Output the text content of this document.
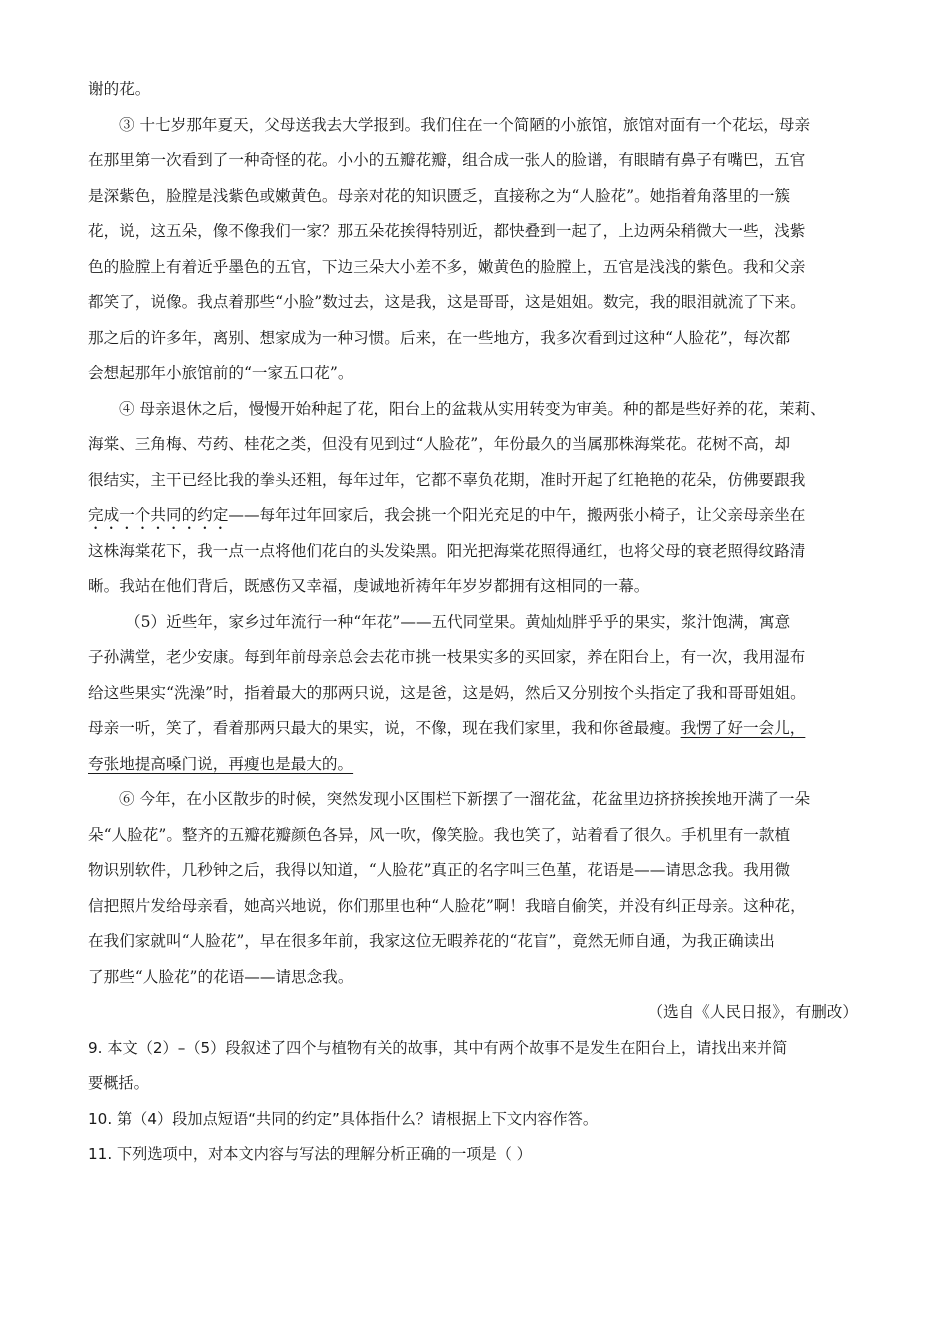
谢的花。

③ 十七岁那年夏天，父母送我去大学报到。我们住在一个简陋的小旅馆，旅馆对面有一个花坛，母亲

在那里第一次看到了一种奇怪的花。小小的五瓣花瓣，组合成一张人的脸谱，有眼睛有鼻子有嘴巴，五官

是深紫色，脸膛是浅紫色或嫩黄色。母亲对花的知识匮乏，直接称之为“人脸花”。她指着角落里的一簇

花，说，这五朵，像不像我们一家？那五朵花挨得特别近，都快叠到一起了，上边两朵稍微大一些，浅紫

色的脸膛上有着近乎墨色的五官，下边三朵大小差不多，嫩黄色的脸膛上，五官是浅浅的紫色。我和父亲

都笑了，说像。我点着那些“小脸”数过去，这是我，这是哥哥，这是姐姐。数完，我的眼泪就流了下来。

那之后的许多年，离别、想家成为一种习惯。后来，在一些地方，我多次看到过这种“人脸花”，每次都

会想起那年小旅馆前的“一家五口花”。

④ 母亲退休之后，慢慢开始种起了花，阳台上的盆栽从实用转变为审美。种的都是些好养的花，茉莉、

海棠、三角梅、芍药、桂花之类，但没有见到过“人脸花”，年份最久的当属那株海棠花。花树不高，却

很结实，主干已经比我的拳头还粗，每年过年，它都不辜负花期，准时开起了红艳艳的花朵，仿佛要跟我

完成一个共同的约定——每年过年回家后，我会挑一个阳光充足的中午，搬两张小椅子，让父亲母亲坐在

这株海棠花下，我一点一点将他们花白的头发染黑。阳光把海棠花照得通红，也将父母的衰老照得纹路清

晰。我站在他们背后，既感伤又幸福，虔诚地祈祷年年岁岁都拥有这相同的一幕。

（5）近些年，家乡过年流行一种“年花”——五代同堂果。黄灿灿胖乎乎的果实，浆汁饱满，寓意

子孙满堂，老少安康。每到年前母亲总会去花市挑一枝果实多的买回家，养在阳台上，有一次，我用湿布

给这些果实“洗澡”时，指着最大的那两只说，这是爸，这是妈，然后又分别按个头指定了我和哥哥姐姐。

母亲一听，笑了，看着那两只最大的果实，说，不像，现在我们家里，我和你爸最瘦。我愣了好一会儿，

夸张地提高嗓门说，再瘦也是最大的。

⑥ 今年，在小区散步的时候，突然发现小区围栏下新摆了一溜花盆，花盆里边挤挤挨挨地开满了一朵

朵“人脸花”。整齐的五瓣花瓣颜色各异，风一吹，像笑脸。我也笑了，站着看了很久。手机里有一款植

物识别软件，几秒钟之后，我得以知道，“人脸花”真正的名字叫三色堇，花语是——请思念我。我用微

信把照片发给母亲看，她高兴地说，你们那里也种“人脸花”啊！我暗自偷笑，并没有纠正母亲。这种花，

在我们家就叫“人脸花”，早在很多年前，我家这位无暇养花的“花盲”，竟然无师自通，为我正确读出

了那些“人脸花”的花语——请思念我。

（选自《人民日报》，有删改）

9. 本文（2）–（5）段叙述了四个与植物有关的故事，其中有两个故事不是发生在阳台上，请找出来并简

要概括。

10. 第（4）段加点短语“共同的约定”具体指什么？请根据上下文内容作答。

11. 下列选项中，对本文内容与写法的理解分析正确的一项是（ ）
